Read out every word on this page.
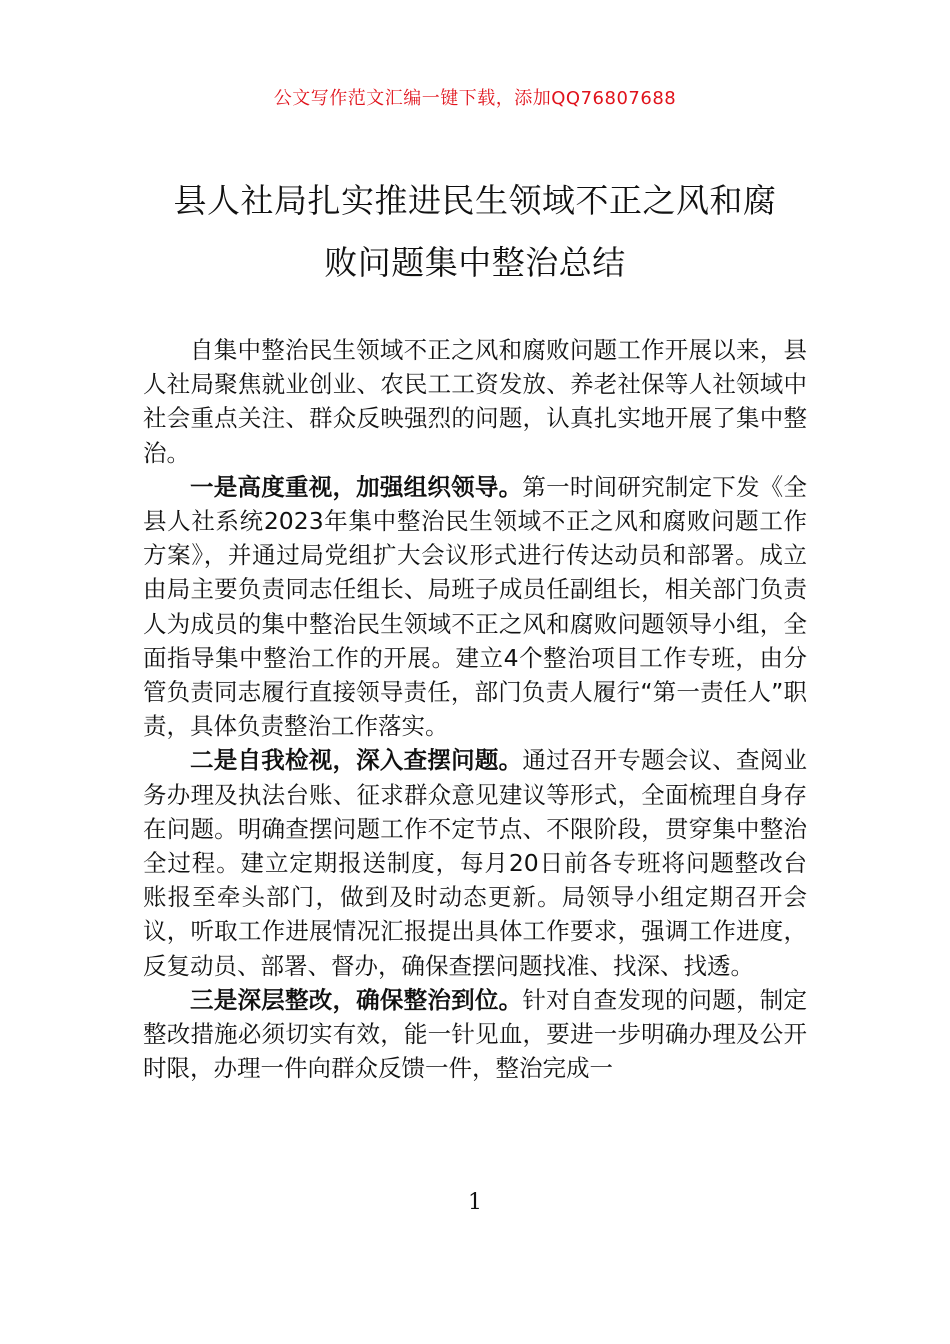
公文写作范文汇编一键下载，添加QQ76807688
县人社局扎实推进民生领域不正之风和腐
败问题集中整治总结

自集中整治民生领域不正之风和腐败问题工作开展以来，县人社局聚焦就业创业、农民工工资发放、养老社保等人社领域中社会重点关注、群众反映强烈的问题，认真扎实地开展了集中整治。

一是高度重视，加强组织领导。第一时间研究制定下发《全县人社系统2023年集中整治民生领域不正之风和腐败问题工作方案》，并通过局党组扩大会议形式进行传达动员和部署。成立由局主要负责同志任组长、局班子成员任副组长，相关部门负责人为成员的集中整治民生领域不正之风和腐败问题领导小组，全面指导集中整治工作的开展。建立4个整治项目工作专班，由分管负责同志履行直接领导责任，部门负责人履行“第一责任人”职责，具体负责整治工作落实。

二是自我检视，深入查摆问题。通过召开专题会议、查阅业务办理及执法台账、征求群众意见建议等形式，全面梳理自身存在问题。明确查摆问题工作不定节点、不限阶段，贯穿集中整治全过程。建立定期报送制度，每月20日前各专班将问题整改台账报至牵头部门，做到及时动态更新。局领导小组定期召开会议，听取工作进展情况汇报提出具体工作要求，强调工作进度，反复动员、部署、督办，确保查摆问题找准、找深、找透。

三是深层整改，确保整治到位。针对自查发现的问题，制定整改措施必须切实有效，能一针见血，要进一步明确办理及公开时限，办理一件向群众反馈一件，整治完成一

1
